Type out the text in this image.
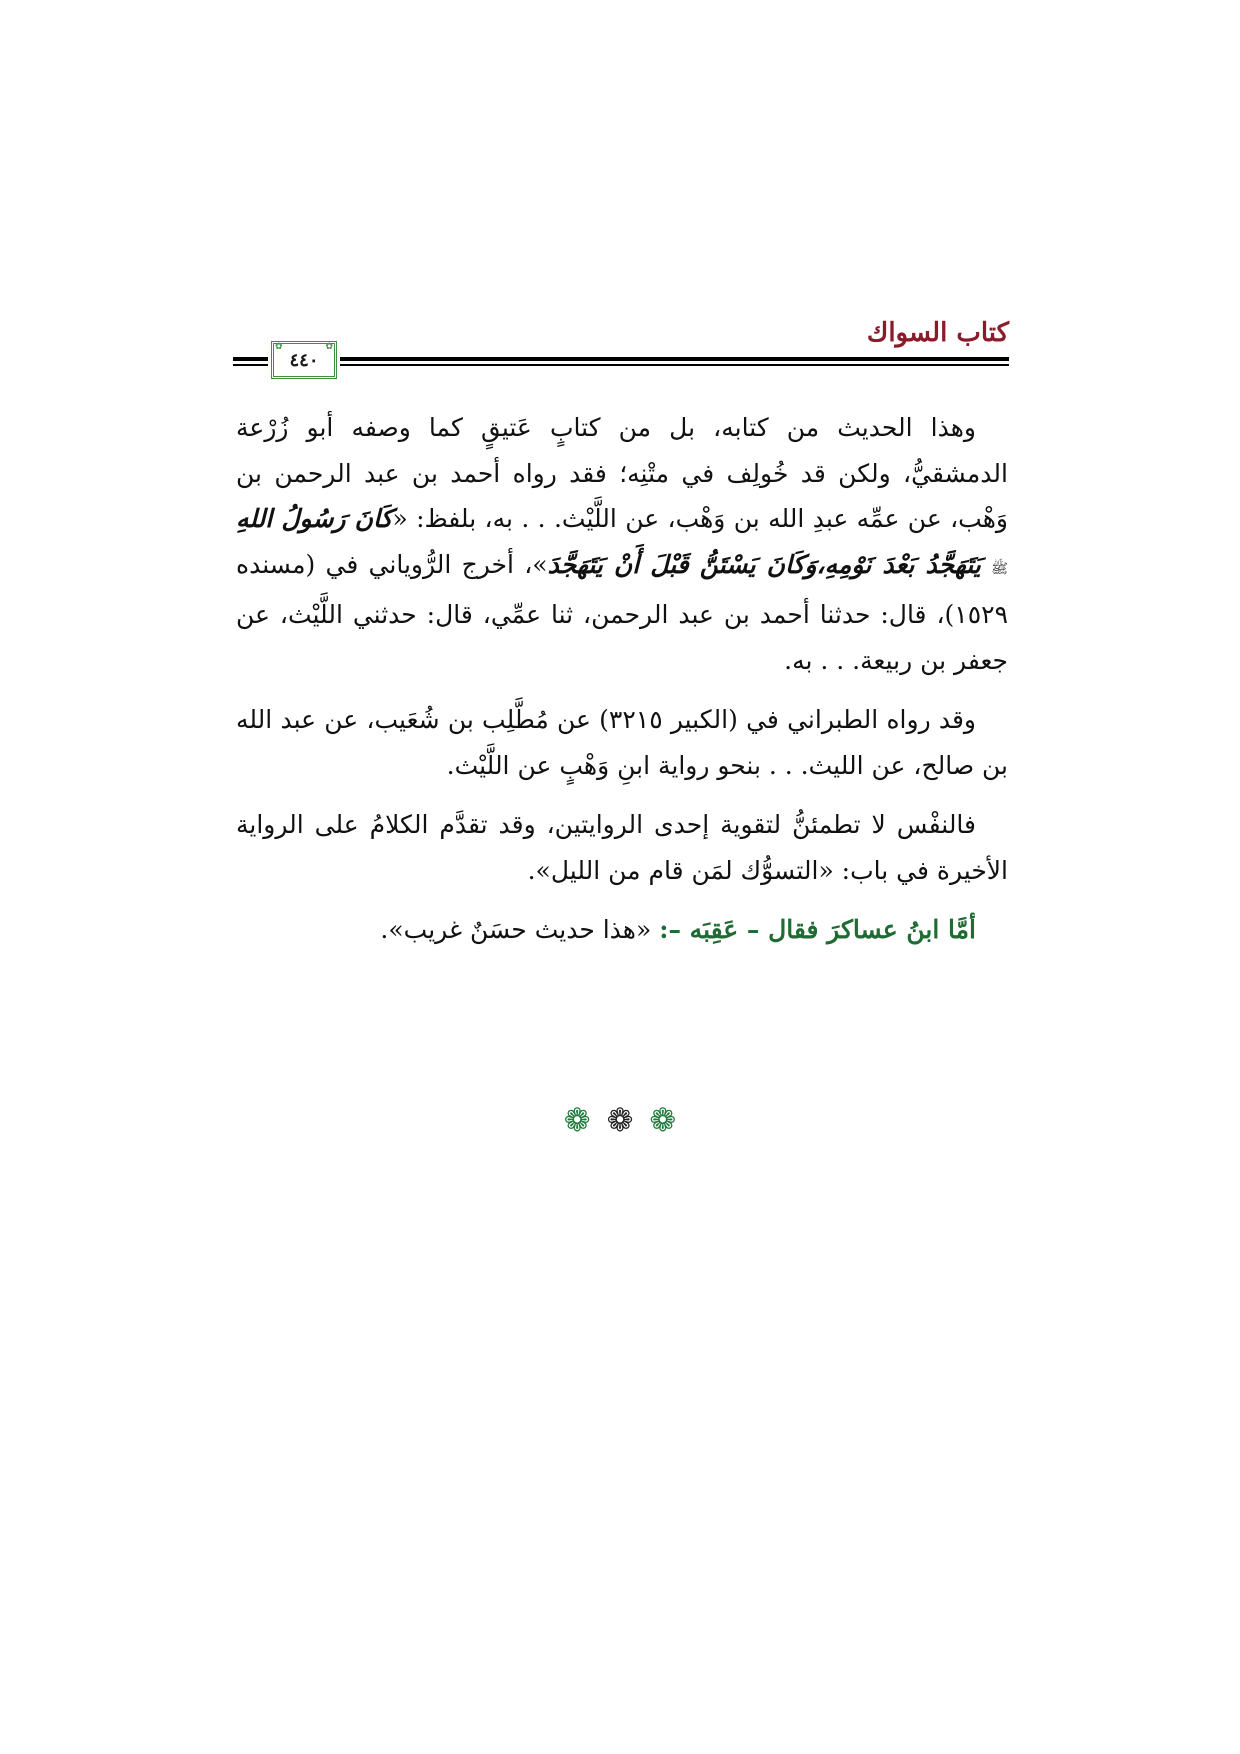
كتاب السواك
✿ ٤٤٠
✿

وهذا الحديث من كتابه، بل من كتابٍ عَتيقٍ كما وصفه أبو زُرْعة الدمشقيُّ، ولكن قد خُولِف في متْنِه؛ فقد رواه أحمد بن عبد الرحمن بن وَهْب، عن عمِّه عبدِ الله بن وَهْب، عن اللَّيْث. . . به، بلفظ: «كَانَ رَسُولُ اللهِ ﷺ يَتَهَجَّدُ بَعْدَ نَوْمِهِ،وَكَانَ يَسْتَنُّ قَبْلَ أَنْ يَتَهَجَّدَ»، أخرج الرُّوياني في (مسنده ١٥٢٩)، قال: حدثنا أحمد بن عبد الرحمن، ثنا عمِّي، قال: حدثني اللَّيْث، عن جعفر بن ربيعة. . . به.

وقد رواه الطبراني في (الكبير ٣٢١٥) عن مُطَّلِب بن شُعَيب، عن عبد الله بن صالح، عن الليث. . . بنحو رواية ابنِ وَهْبٍ عن اللَّيْث.

فالنفْس لا تطمئنُّ لتقوية إحدى الروايتين، وقد تقدَّم الكلامُ على الرواية الأخيرة في باب: «التسوُّك لمَن قام من الليل».

أمَّا ابنُ عساكرَ فقال – عَقِبَه –: «هذا حديث حسَنٌ غريب».

❁ ❁ ❁
